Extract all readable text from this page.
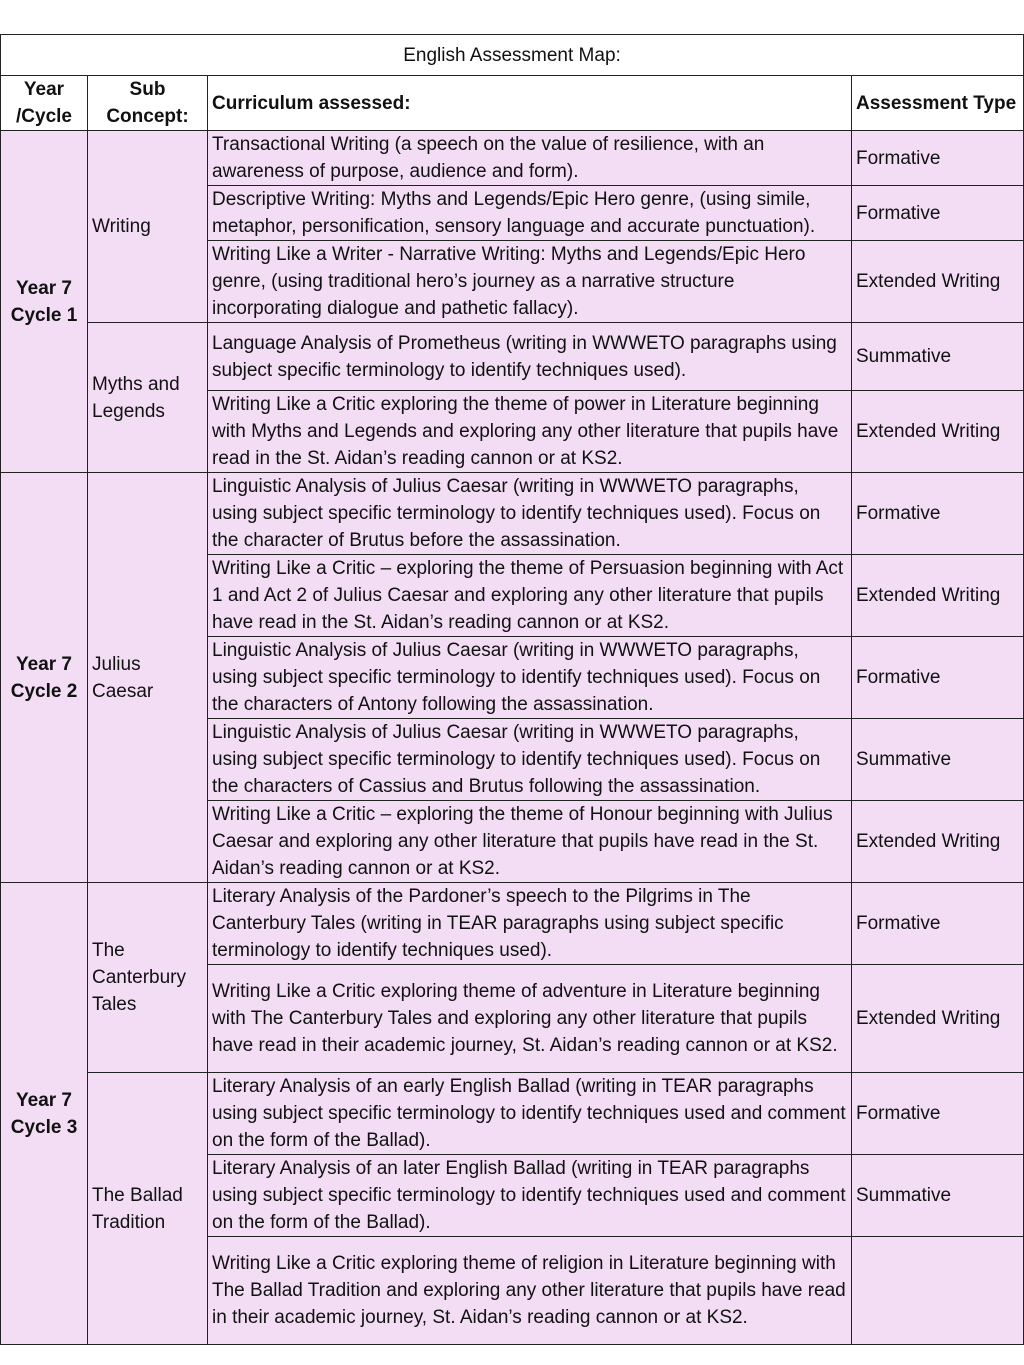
English Assessment Map:			
Year /Cycle	Sub Concept:	Curriculum assessed:	Assessment Type
Year 7 Cycle 1	Writing	Transactional Writing (a speech on the value of resilience, with an awareness of purpose, audience and form).	Formative
		Descriptive Writing: Myths and Legends/Epic Hero genre, (using simile, metaphor, personification, sensory language and accurate punctuation).	Formative
		Writing Like a Writer - Narrative Writing: Myths and Legends/Epic Hero genre, (using traditional hero’s journey as a narrative structure incorporating dialogue and pathetic fallacy).	Extended Writing
	Myths and Legends	Language Analysis of Prometheus (writing in WWWETO paragraphs using subject specific terminology to identify techniques used).	Summative
		Writing Like a Critic exploring the theme of power in Literature beginning with Myths and Legends and exploring any other literature that pupils have read in the St. Aidan’s reading cannon or at KS2.	Extended Writing
Year 7 Cycle 2	Julius Caesar	Linguistic Analysis of Julius Caesar (writing in WWWETO paragraphs, using subject specific terminology to identify techniques used). Focus on the character of Brutus before the assassination.	Formative
		Writing Like a Critic – exploring the theme of Persuasion beginning with Act 1 and Act 2 of Julius Caesar and exploring any other literature that pupils have read in the St. Aidan’s reading cannon or at KS2.	Extended Writing
		Linguistic Analysis of Julius Caesar (writing in WWWETO paragraphs, using subject specific terminology to identify techniques used). Focus on the characters of Antony following the assassination.	Formative
		Linguistic Analysis of Julius Caesar (writing in WWWETO paragraphs, using subject specific terminology to identify techniques used). Focus on the characters of Cassius and Brutus following the assassination.	Summative
		Writing Like a Critic – exploring the theme of Honour beginning with Julius Caesar and exploring any other literature that pupils have read in the St. Aidan’s reading cannon or at KS2.	Extended Writing
Year 7 Cycle 3	The Canterbury Tales	Literary Analysis of the Pardoner’s speech to the Pilgrims in The Canterbury Tales (writing in TEAR paragraphs using subject specific terminology to identify techniques used).	Formative
		Writing Like a Critic exploring theme of adventure in Literature beginning with The Canterbury Tales and exploring any other literature that pupils have read in their academic journey, St. Aidan’s reading cannon or at KS2.	Extended Writing
	The Ballad Tradition	Literary Analysis of an early English Ballad (writing in TEAR paragraphs using subject specific terminology to identify techniques used and comment on the form of the Ballad).	Formative
		Literary Analysis of an later English Ballad (writing in TEAR paragraphs using subject specific terminology to identify techniques used and comment on the form of the Ballad).	Summative
		Writing Like a Critic exploring theme of religion in Literature beginning with The Ballad Tradition and exploring any other literature that pupils have read in their academic journey, St. Aidan’s reading cannon or at KS2.	
